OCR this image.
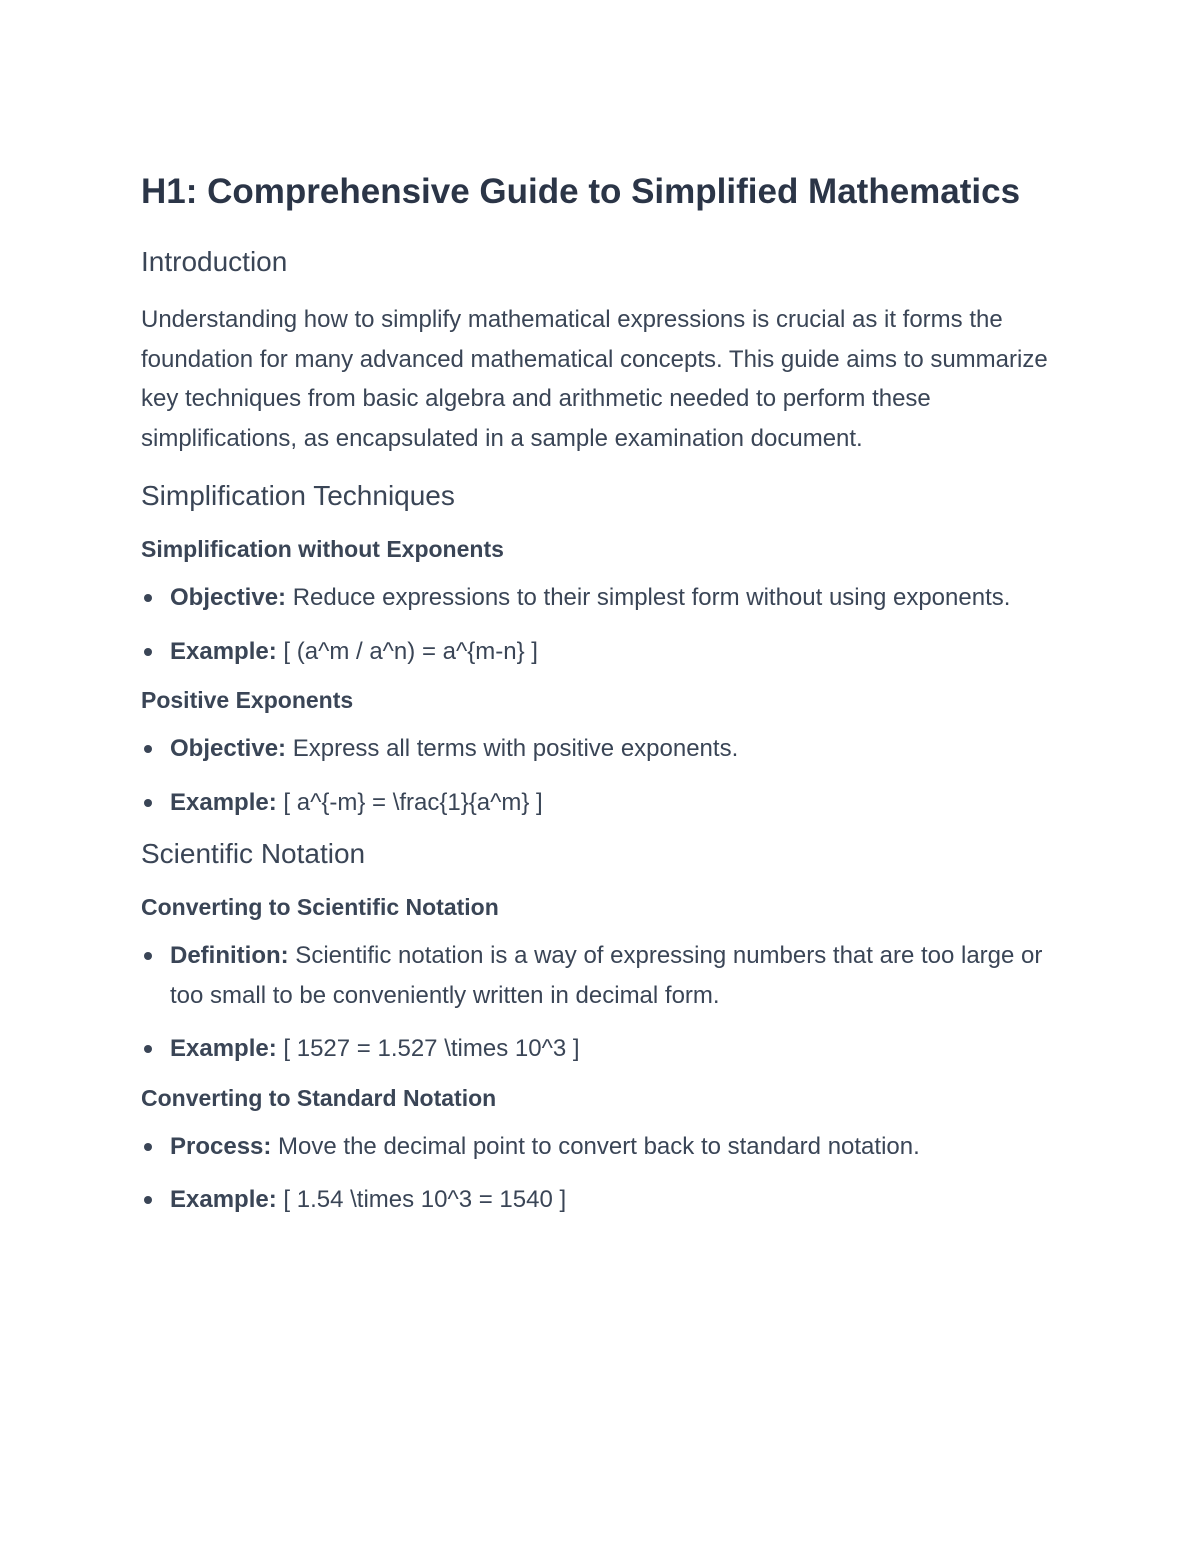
H1: Comprehensive Guide to Simplified Mathematics
Introduction

Understanding how to simplify mathematical expressions is crucial as it forms the foundation for many advanced mathematical concepts. This guide aims to summarize key techniques from basic algebra and arithmetic needed to perform these simplifications, as encapsulated in a sample examination document.

Simplification Techniques
Simplification without Exponents
Objective: Reduce expressions to their simplest form without using exponents.
Example: [ (a^m / a^n) = a^{m-n} ]
Positive Exponents
Objective: Express all terms with positive exponents.
Example: [ a^{-m} = \frac{1}{a^m} ]
Scientific Notation
Converting to Scientific Notation
Definition: Scientific notation is a way of expressing numbers that are too large or too small to be conveniently written in decimal form.
Example: [ 1527 = 1.527 \times 10^3 ]
Converting to Standard Notation
Process: Move the decimal point to convert back to standard notation.
Example: [ 1.54 \times 10^3 = 1540 ]
